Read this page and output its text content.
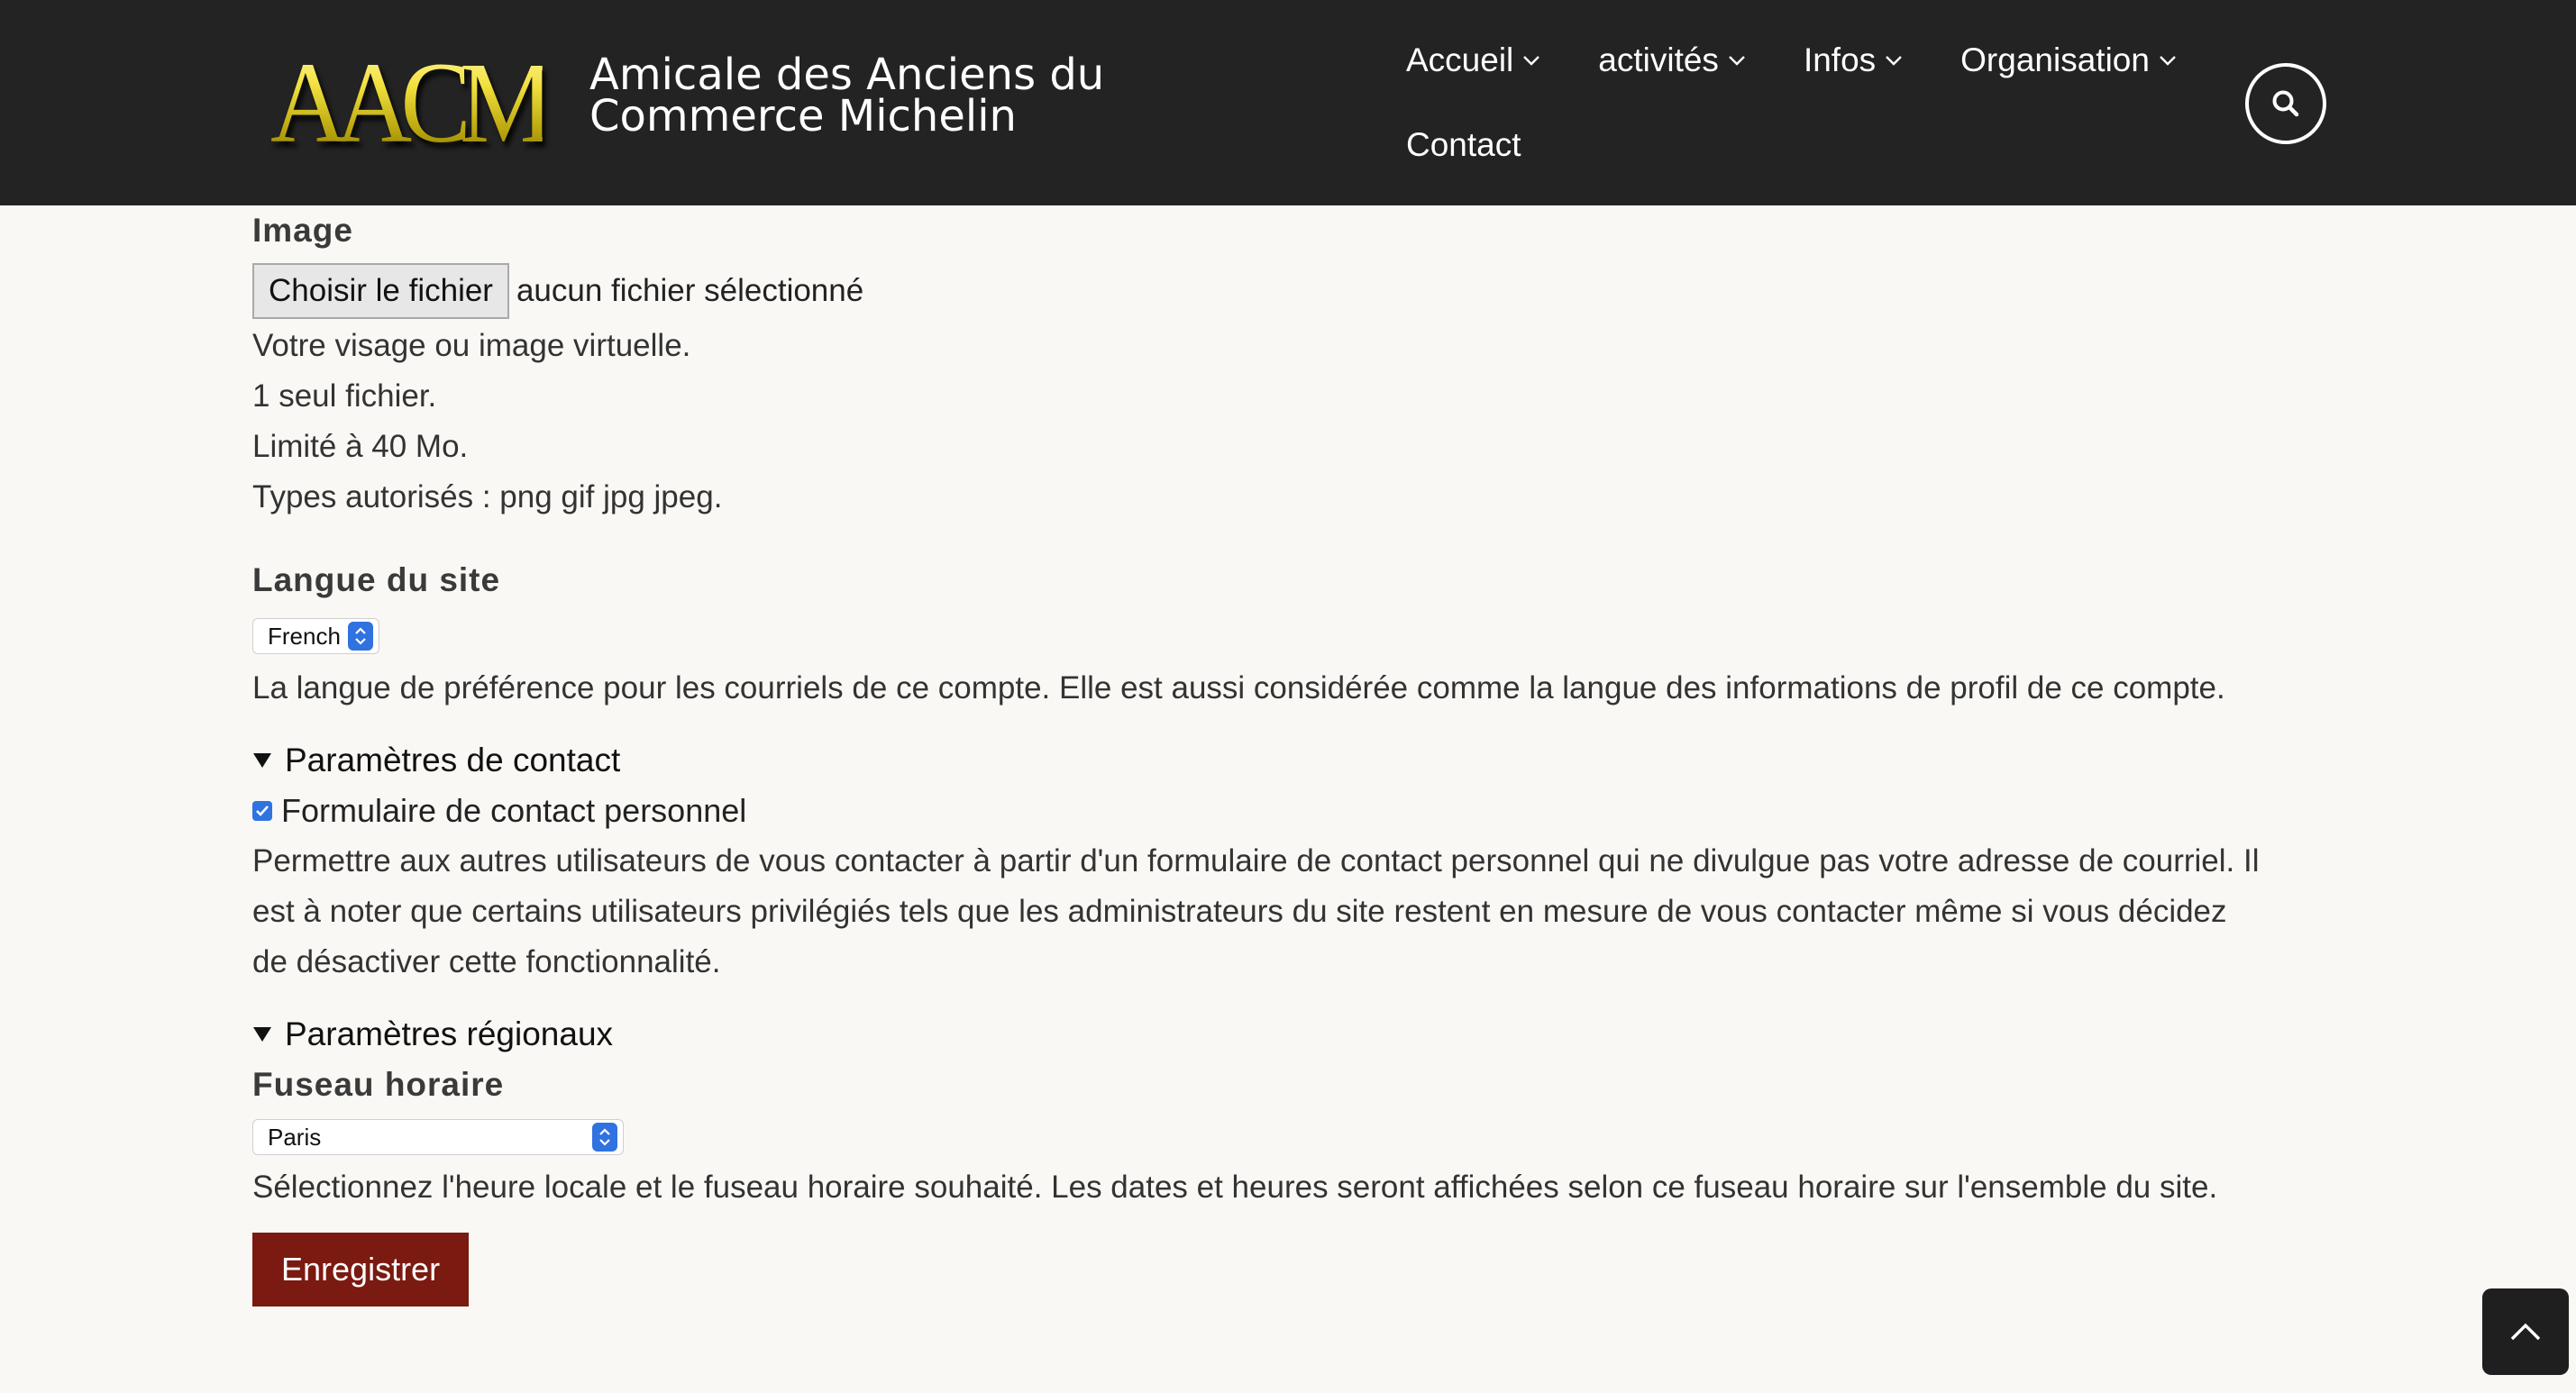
AACM Amicale des Anciens du Commerce Michelin
Accueil	activités	Infos	Organisation
Contact
Image
Choisir le fichier aucun fichier sélectionné
Votre visage ou image virtuelle.
1 seul fichier.
Limité à 40 Mo.
Types autorisés : png gif jpg jpeg.
Langue du site
French
La langue de préférence pour les courriels de ce compte. Elle est aussi considérée comme la langue des informations de profil de ce compte.
Paramètres de contact
Formulaire de contact personnel
Permettre aux autres utilisateurs de vous contacter à partir d'un formulaire de contact personnel qui ne divulgue pas votre adresse de courriel. Il
est à noter que certains utilisateurs privilégiés tels que les administrateurs du site restent en mesure de vous contacter même si vous décidez
de désactiver cette fonctionnalité.
Paramètres régionaux
Fuseau horaire
Paris
Sélectionnez l'heure locale et le fuseau horaire souhaité. Les dates et heures seront affichées selon ce fuseau horaire sur l'ensemble du site.
Enregistrer
